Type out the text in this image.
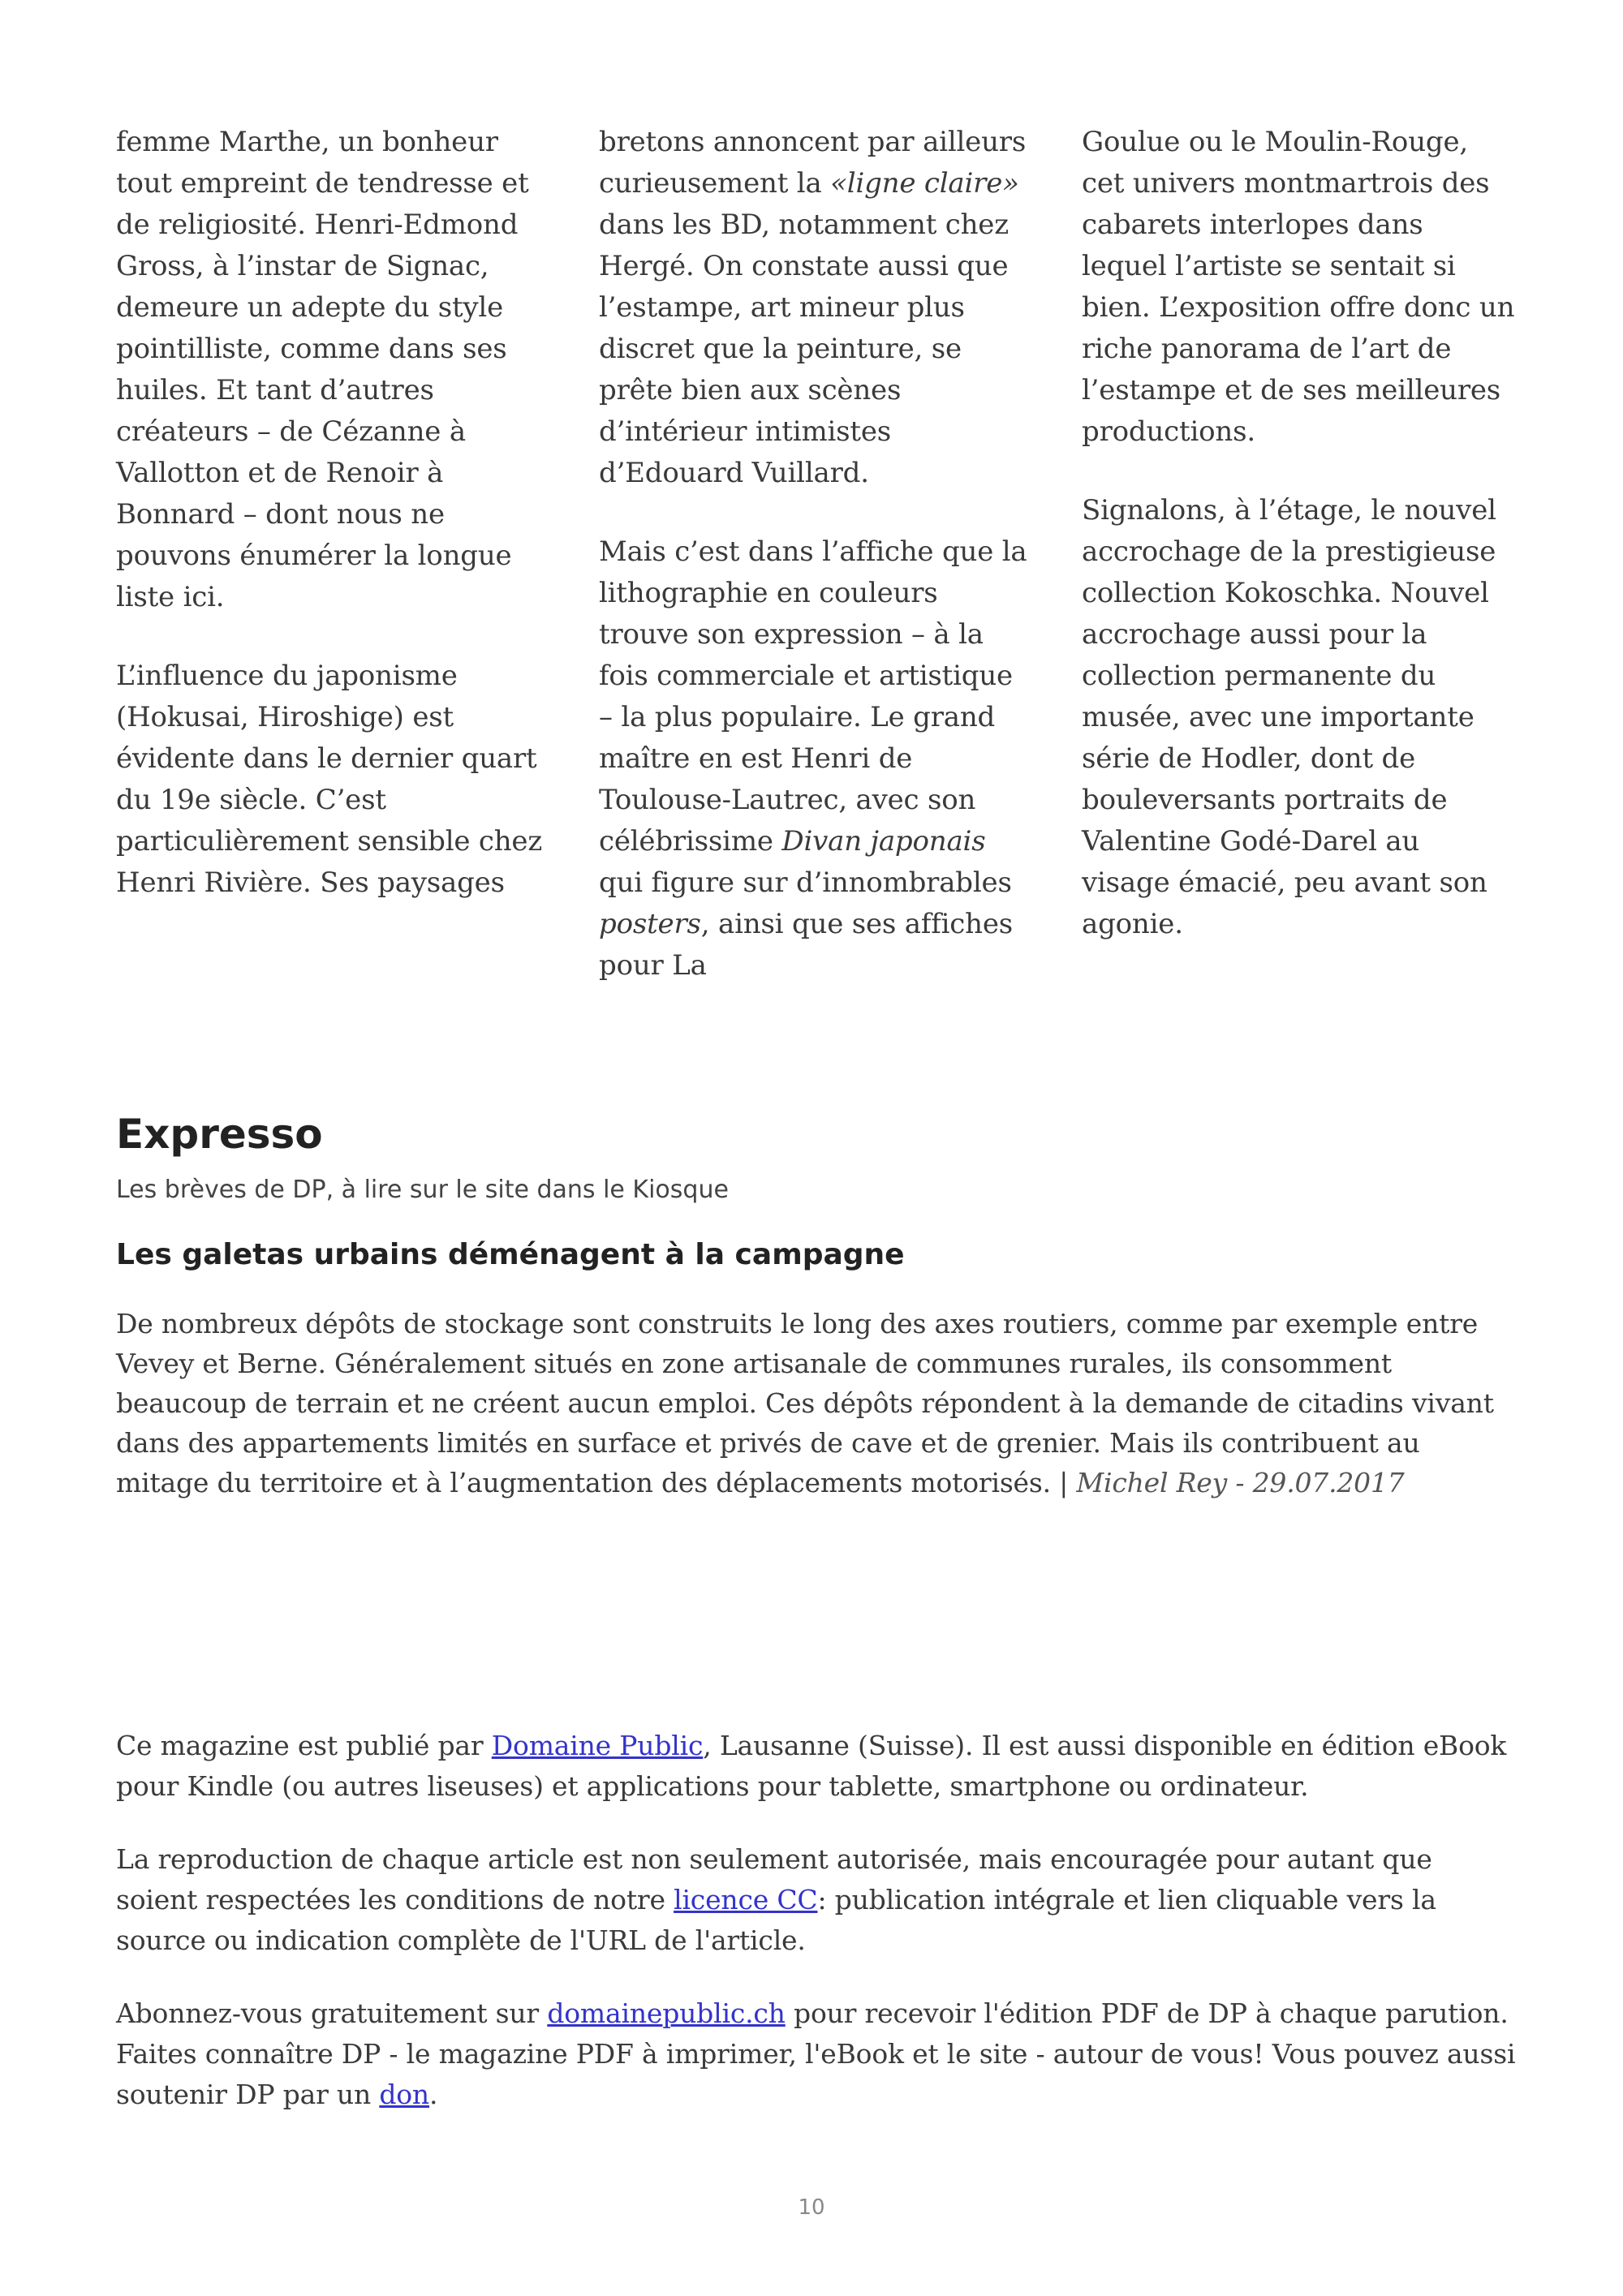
femme Marthe, un bonheur tout empreint de tendresse et de religiosité. Henri-Edmond Gross, à l’instar de Signac, demeure un adepte du style pointilliste, comme dans ses huiles. Et tant d’autres créateurs – de Cézanne à Vallotton et de Renoir à Bonnard – dont nous ne pouvons énumérer la longue liste ici.

L’influence du japonisme (Hokusai, Hiroshige) est évidente dans le dernier quart du 19e siècle. C’est particulièrement sensible chez Henri Rivière. Ses paysages

bretons annoncent par ailleurs curieusement la «ligne claire» dans les BD, notamment chez Hergé. On constate aussi que l’estampe, art mineur plus discret que la peinture, se prête bien aux scènes d’intérieur intimistes d’Edouard Vuillard.

Mais c’est dans l’affiche que la lithographie en couleurs trouve son expression – à la fois commerciale et artistique – la plus populaire. Le grand maître en est Henri de Toulouse-Lautrec, avec son célébrissime Divan japonais qui figure sur d’innombrables posters, ainsi que ses affiches pour La

Goulue ou le Moulin-Rouge, cet univers montmartrois des cabarets interlopes dans lequel l’artiste se sentait si bien. L’exposition offre donc un riche panorama de l’art de l’estampe et de ses meilleures productions.

Signalons, à l’étage, le nouvel accrochage de la prestigieuse collection Kokoschka. Nouvel accrochage aussi pour la collection permanente du musée, avec une importante série de Hodler, dont de bouleversants portraits de Valentine Godé-Darel au visage émacié, peu avant son agonie.

Expresso
Les brèves de DP, à lire sur le site dans le Kiosque
Les galetas urbains déménagent à la campagne
De nombreux dépôts de stockage sont construits le long des axes routiers, comme par exemple entre Vevey et Berne. Généralement situés en zone artisanale de communes rurales, ils consomment beaucoup de terrain et ne créent aucun emploi. Ces dépôts répondent à la demande de citadins vivant dans des appartements limités en surface et privés de cave et de grenier. Mais ils contribuent au mitage du territoire et à l’augmentation des déplacements motorisés. | Michel Rey - 29.07.2017

Ce magazine est publié par Domaine Public, Lausanne (Suisse). Il est aussi disponible en édition eBook pour Kindle (ou autres liseuses) et applications pour tablette, smartphone ou ordinateur.

La reproduction de chaque article est non seulement autorisée, mais encouragée pour autant que soient respectées les conditions de notre licence CC: publication intégrale et lien cliquable vers la source ou indication complète de l'URL de l'article.

Abonnez-vous gratuitement sur domainepublic.ch pour recevoir l'édition PDF de DP à chaque parution. Faites connaître DP - le magazine PDF à imprimer, l'eBook et le site - autour de vous! Vous pouvez aussi soutenir DP par un don.

10
